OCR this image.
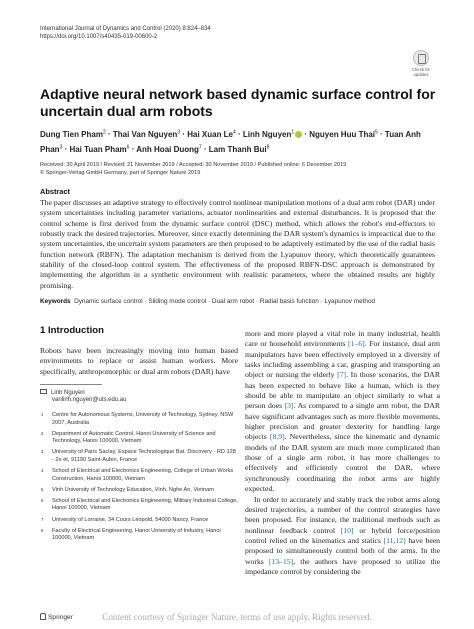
International Journal of Dynamics and Control (2020) 8:824–834
https://doi.org/10.1007/s40435-019-00600-2
Check for
updates
Adaptive neural network based dynamic surface control for uncertain dual arm robots
Dung Tien Pham$^2$ · Thai Van Nguyen$^3$ · Hai Xuan $Le^4$ · Linh Nguyen$^1$ · Nguyen Huu Thai$^5$ · Tuan Anh Phan$^3$ · Hai Tuan Pham$^6$ · Anh Hoai Duong$^7$ · Lam Thanh Bui$^8$
Received: 30 April 2019 / Revised: 21 November 2019 / Accepted: 30 November 2019 / Published online: 6 December 2019
© Springer-Verlag GmbH Germany, part of Springer Nature 2019
Abstract
The paper discusses an adaptive strategy to effectively control nonlinear manipulation motions of a dual arm robot (DAR) under system uncertainties including parameter variations, actuator nonlinearities and external disturbances. It is proposed that the control scheme is first derived from the dynamic surface control (DSC) method, which allows the robot's end-effectors to robustly track the desired trajectories. Moreover, since exactly determining the DAR system's dynamics is impractical due to the system uncertainties, the uncertain system parameters are then proposed to be adaptively estimated by the use of the radial basis function network (RBFN). The adaptation mechanism is derived from the Lyapunov theory, which theoretically guarantees stability of the closed-loop control system. The effectiveness of the proposed RBFN-DSC approach is demonstrated by implementing the algorithm in a synthetic environment with realistic parameters, where the obtained results are highly promising.
Keywords Dynamic surface control · Sliding mode control · Dual arm robot · Radial basis function · Lyapunov method
1 Introduction
Robots have been increasingly moving into human based environments to replace or assist human workers. More specifically, anthropomorphic or dual arm robots (DAR) have
Linh Nguyen
vanlinh.nguyen@uts.edu.au
1 Centre for Autonomous Systems, University of Technology, Sydney, NSW 2007, Australia
2 Department of Automatic Control, Hanoi University of Science and Technology, Hanoi 100000, Vietnam
3 University of Paris Saclay, Espace Technologique Bat. Discovery - RD 128 - 2e ét, 91190 Saint-Aubin, France
4 School of Electrical and Electronics Engineering, College of Urban Works Construction, Hanoi 100000, Vietnam
5 Vinh University of Technology Education, Vinh, Nghe An, Vietnam
6 School of Electrical and Electronics Engineering, Military Industrial College, Hanoi 100000, Vietnam
7 University of Lorraine, 34 Cours Léopold, 54000 Nancy, France
8 Faculty of Electrical Engineering, Hanoi University of Industry, Hanoi 100000, Vietnam

more and more played a vital role in many industrial, health care or household environments [1–6]. For instance, dual arm manipulators have been effectively employed in a diversity of tasks including assembling a car, grasping and transporting an object or nursing the elderly [7]. In those scenarios, the DAR has been expected to behave like a human, which is they should be able to manipulate an object similarly to what a person does [3]. As compared to a single arm robot, the DAR have significant advantages such as more flexible movements, higher precision and greater dexterity for handling large objects [8,9]. Nevertheless, since the kinematic and dynamic models of the DAR system are much more complicated than those of a single arm robot, it has more challenges to effectively and efficiently control the DAR, where synchronously coordinating the robot arms are highly expected.

In order to accurately and stably track the robot arms along desired trajectories, a number of the control strategies have been proposed. For instance, the traditional methods such as nonlinear feedback control [10] or hybrid force/position control relied on the kinematics and statics [11,12] have been proposed to simultaneously control both of the arms. In the works [13–15], the authors have proposed to utilize the impedance control by considering the

Springer	Content courtesy of Springer Nature, terms of use apply. Rights reserved.
